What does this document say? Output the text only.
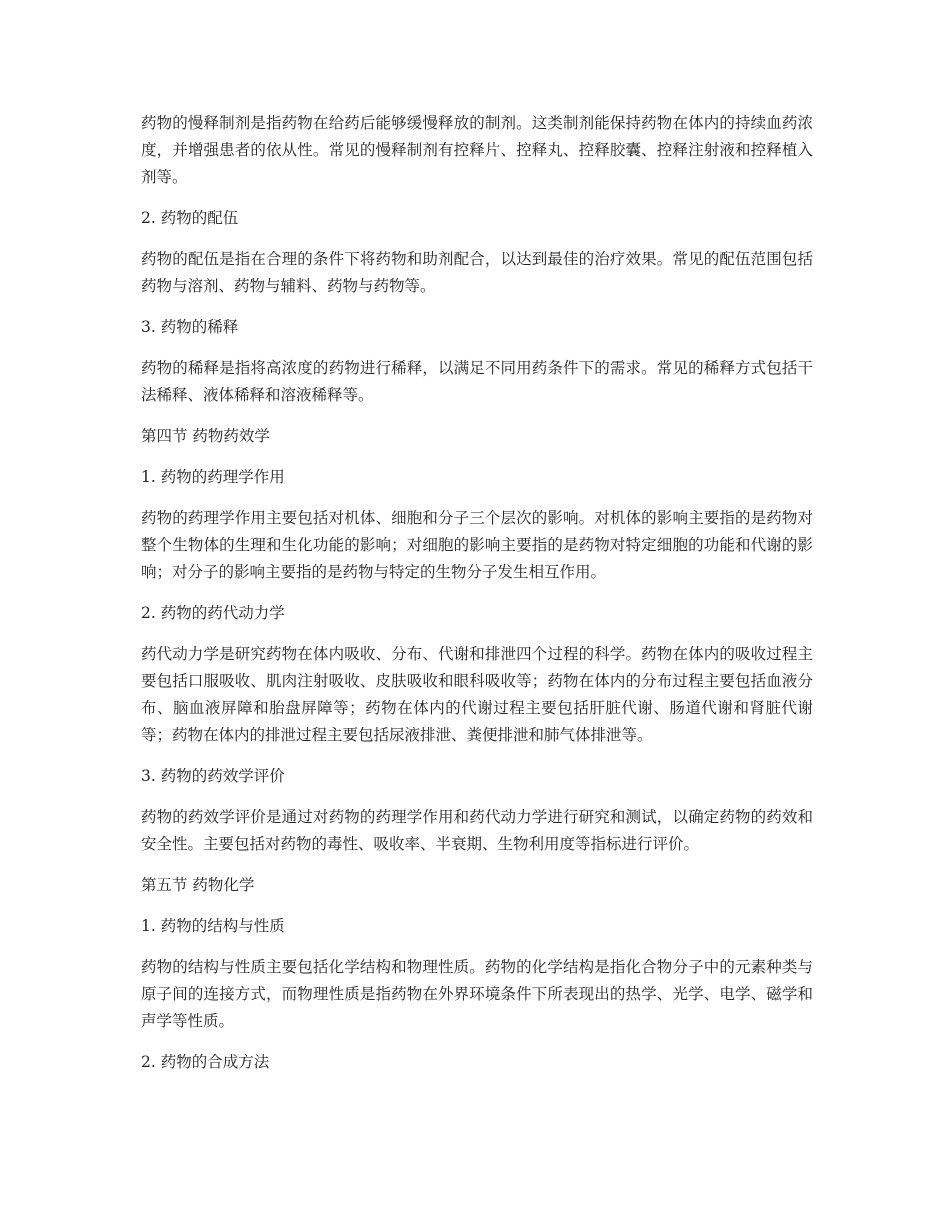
药物的慢释制剂是指药物在给药后能够缓慢释放的制剂。这类制剂能保持药物在体内的持续血药浓度，并增强患者的依从性。常见的慢释制剂有控释片、控释丸、控释胶囊、控释注射液和控释植入剂等。

2. 药物的配伍

药物的配伍是指在合理的条件下将药物和助剂配合，以达到最佳的治疗效果。常见的配伍范围包括药物与溶剂、药物与辅料、药物与药物等。

3. 药物的稀释

药物的稀释是指将高浓度的药物进行稀释，以满足不同用药条件下的需求。常见的稀释方式包括干法稀释、液体稀释和溶液稀释等。

第四节 药物药效学

1. 药物的药理学作用

药物的药理学作用主要包括对机体、细胞和分子三个层次的影响。对机体的影响主要指的是药物对整个生物体的生理和生化功能的影响；对细胞的影响主要指的是药物对特定细胞的功能和代谢的影响；对分子的影响主要指的是药物与特定的生物分子发生相互作用。

2. 药物的药代动力学

药代动力学是研究药物在体内吸收、分布、代谢和排泄四个过程的科学。药物在体内的吸收过程主要包括口服吸收、肌肉注射吸收、皮肤吸收和眼科吸收等；药物在体内的分布过程主要包括血液分布、脑血液屏障和胎盘屏障等；药物在体内的代谢过程主要包括肝脏代谢、肠道代谢和肾脏代谢等；药物在体内的排泄过程主要包括尿液排泄、粪便排泄和肺气体排泄等。

3. 药物的药效学评价

药物的药效学评价是通过对药物的药理学作用和药代动力学进行研究和测试，以确定药物的药效和安全性。主要包括对药物的毒性、吸收率、半衰期、生物利用度等指标进行评价。

第五节 药物化学

1. 药物的结构与性质

药物的结构与性质主要包括化学结构和物理性质。药物的化学结构是指化合物分子中的元素种类与原子间的连接方式，而物理性质是指药物在外界环境条件下所表现出的热学、光学、电学、磁学和声学等性质。

2. 药物的合成方法
